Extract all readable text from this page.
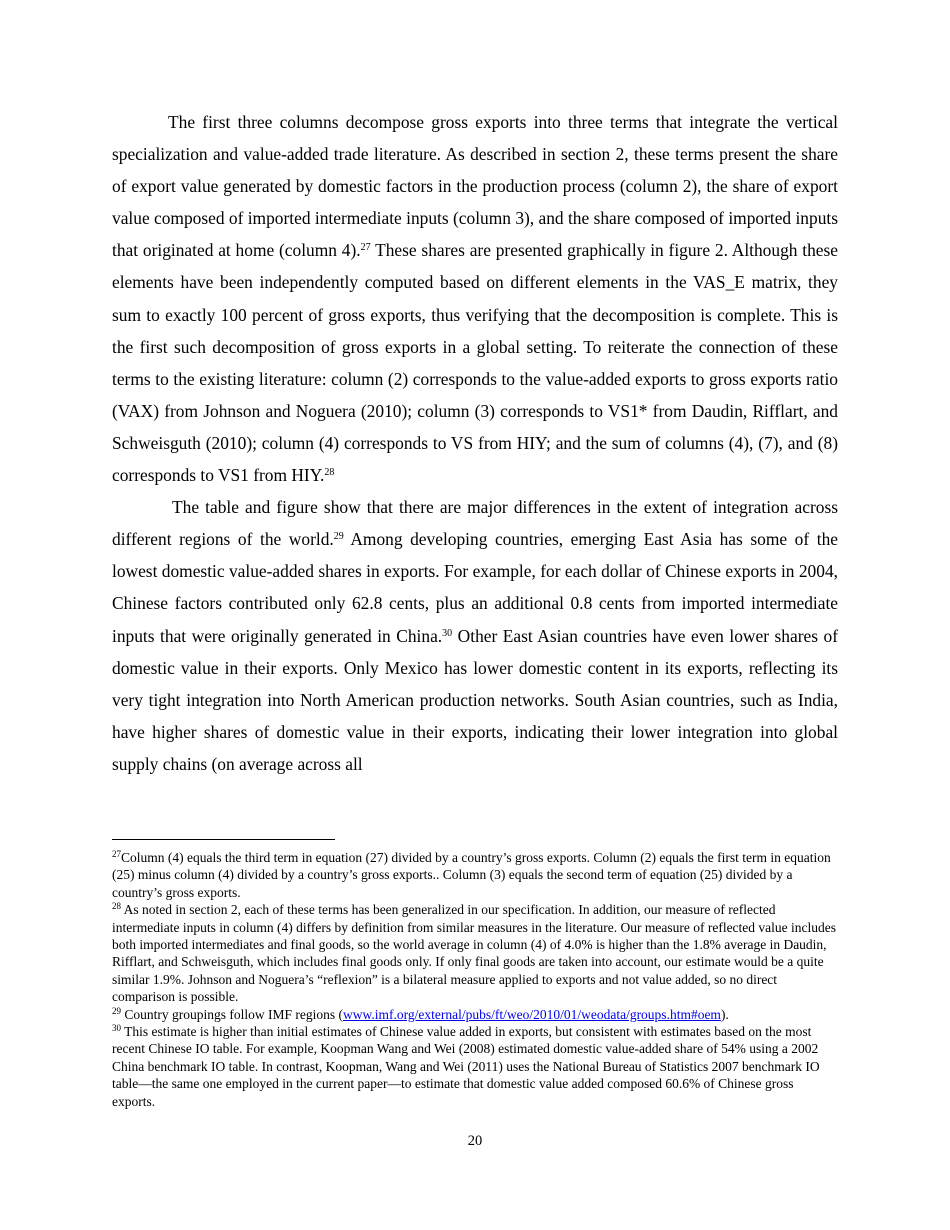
The first three columns decompose gross exports into three terms that integrate the vertical specialization and value-added trade literature. As described in section 2, these terms present the share of export value generated by domestic factors in the production process (column 2), the share of export value composed of imported intermediate inputs (column 3), and the share composed of imported inputs that originated at home (column 4).$^{27}$ These shares are presented graphically in figure 2. Although these elements have been independently computed based on different elements in the VAS_E matrix, they sum to exactly 100 percent of gross exports, thus verifying that the decomposition is complete. This is the first such decomposition of gross exports in a global setting. To reiterate the connection of these terms to the existing literature: column (2) corresponds to the value-added exports to gross exports ratio (VAX) from Johnson and Noguera (2010); column (3) corresponds to VS1* from Daudin, Rifflart, and Schweisguth (2010); column (4) corresponds to VS from HIY; and the sum of columns (4), (7), and (8) corresponds to VS1 from HIY.$^{28}$

The table and figure show that there are major differences in the extent of integration across different regions of the world.$^{29}$ Among developing countries, emerging East Asia has some of the lowest domestic value-added shares in exports. For example, for each dollar of Chinese exports in 2004, Chinese factors contributed only 62.8 cents, plus an additional 0.8 cents from imported intermediate inputs that were originally generated in China.$^{30}$ Other East Asian countries have even lower shares of domestic value in their exports. Only Mexico has lower domestic content in its exports, reflecting its very tight integration into North American production networks. South Asian countries, such as India, have higher shares of domestic value in their exports, indicating their lower integration into global supply chains (on average across all

$^{27}$Column (4) equals the third term in equation (27) divided by a country’s gross exports. Column (2) equals the first term in equation (25) minus column (4) divided by a country’s gross exports.. Column (3) equals the second term of equation (25) divided by a country’s gross exports.

$^{28}$ As noted in section 2, each of these terms has been generalized in our specification. In addition, our measure of reflected intermediate inputs in column (4) differs by definition from similar measures in the literature. Our measure of reflected value includes both imported intermediates and final goods, so the world average in column (4) of 4.0% is higher than the 1.8% average in Daudin, Rifflart, and Schweisguth, which includes final goods only. If only final goods are taken into account, our estimate would be a quite similar 1.9%. Johnson and Noguera’s “reflexion” is a bilateral measure applied to exports and not value added, so no direct comparison is possible.

$^{29}$ Country groupings follow IMF regions (www.imf.org/external/pubs/ft/weo/2010/01/weodata/groups.htm#oem).

$^{30}$ This estimate is higher than initial estimates of Chinese value added in exports, but consistent with estimates based on the most recent Chinese IO table. For example, Koopman Wang and Wei (2008) estimated domestic value-added share of 54% using a 2002 China benchmark IO table. In contrast, Koopman, Wang and Wei (2011) uses the National Bureau of Statistics 2007 benchmark IO table—the same one employed in the current paper—to estimate that domestic value added composed 60.6% of Chinese gross exports.

20
